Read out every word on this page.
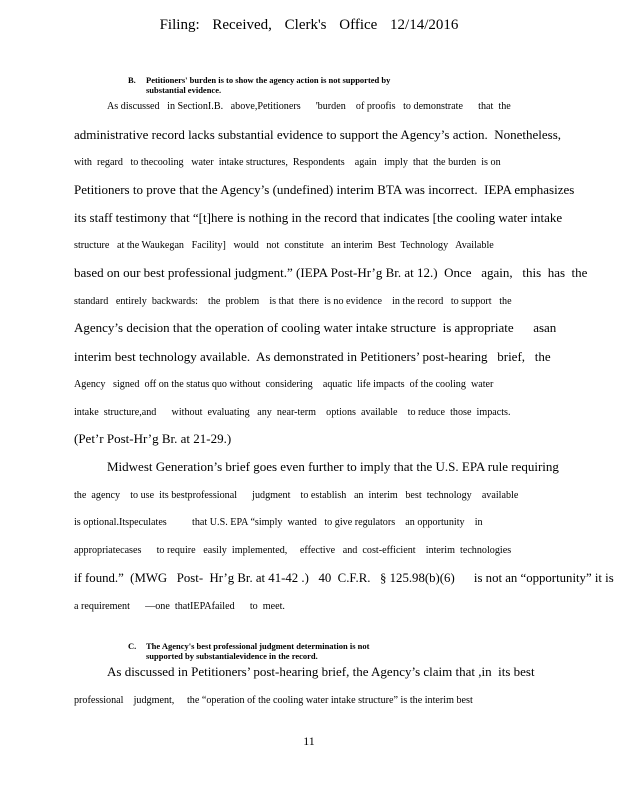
Filing: Received, Clerk's Office 12/14/2016
B. Petitioners' burden is to show the agency action is not supported by
substantial evidence.
As discussed   in SectionI.B.   above,Petitioners      'burden    of proofis   to demonstrate      that  the
administrative record lacks substantial evidence to support the Agency’s action.  Nonetheless,
with  regard   to thecooling   water  intake structures,  Respondents    again   imply  that  the burden  is on
Petitioners to prove that the Agency’s (undefined) interim BTA was incorrect.  IEPA emphasizes
its staff testimony that “[t]here is nothing in the record that indicates [the cooling water intake
structure   at the Waukegan   Facility]   would   not  constitute   an interim  Best  Technology   Available
based on our best professional judgment.” (IEPA Post-Hr’g Br. at 12.)  Once   again,   this  has  the
standard   entirely  backwards:    the  problem    is that  there  is no evidence    in the record   to support   the
Agency’s decision that the operation of cooling water intake structure  is appropriate      asan
interim best technology available.  As demonstrated in Petitioners’ post-hearing   brief,   the
Agency   signed  off on the status quo without  considering    aquatic  life impacts  of the cooling  water
intake  structure,and      without  evaluating   any  near-term    options  available    to reduce  those  impacts.
(Pet’r Post-Hr’g Br. at 21-29.)
Midwest Generation’s brief goes even further to imply that the U.S. EPA rule requiring
the  agency    to use  its bestprofessional      judgment    to establish   an  interim   best  technology    available
is optional.Itspeculates          that U.S. EPA “simply  wanted   to give regulators    an opportunity    in
appropriatecases      to require   easily  implemented,     effective   and  cost-efficient    interim  technologies
if found.”  (MWG   Post-  Hr’g Br. at 41-42 .)   40  C.F.R.   § 125.98(b)(6)      is not an “opportunity” it is
a requirement      —one  thatIEPAfailed      to  meet.
C. The Agency's best professional judgment determination is not
supported by substantialevidence in the record.
As discussed in Petitioners’ post-hearing brief, the Agency’s claim that ,in  its best
professional    judgment,     the “operation of the cooling water intake structure” is the interim best
11
